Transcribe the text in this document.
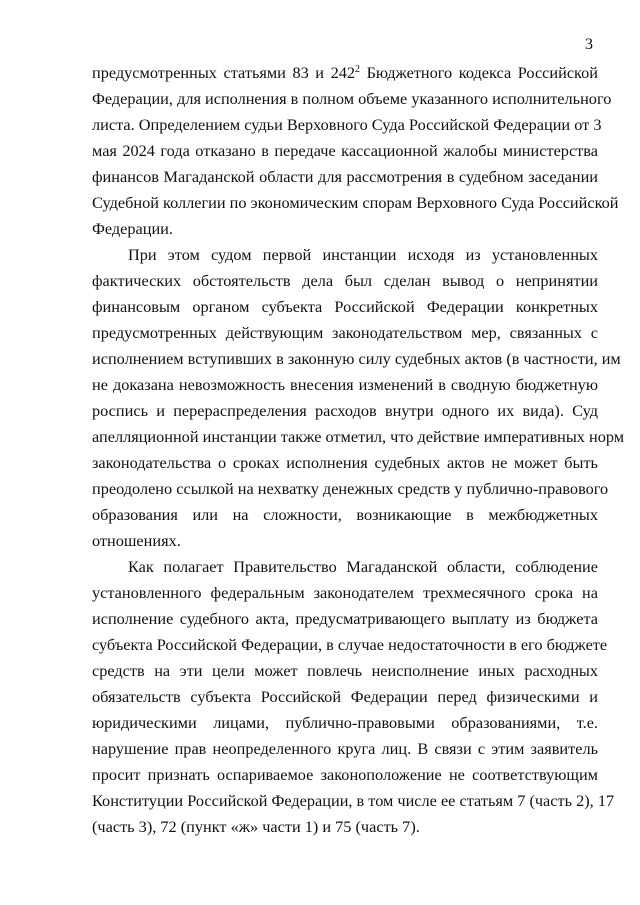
3
предусмотренных статьями 83 и $242^2$ Бюджетного кодекса Российской
Федерации, для исполнения в полном объеме указанного исполнительного
листа. Определением судьи Верховного Суда Российской Федерации от 3
мая 2024 года отказано в передаче кассационной жалобы министерства
финансов Магаданской области для рассмотрения в судебном заседании
Судебной коллегии по экономическим спорам Верховного Суда Российской
Федерации.
При этом судом первой инстанции исходя из установленных
фактических обстоятельств дела был сделан вывод о непринятии
финансовым органом субъекта Российской Федерации конкретных
предусмотренных действующим законодательством мер, связанных с
исполнением вступивших в законную силу судебных актов (в частности, им
не доказана невозможность внесения изменений в сводную бюджетную
роспись и перераспределения расходов внутри одного их вида). Суд
апелляционной инстанции также отметил, что действие императивных норм
законодательства о сроках исполнения судебных актов не может быть
преодолено ссылкой на нехватку денежных средств у публично-правового
образования или на сложности, возникающие в межбюджетных
отношениях.
Как полагает Правительство Магаданской области, соблюдение
установленного федеральным законодателем трехмесячного срока на
исполнение судебного акта, предусматривающего выплату из бюджета
субъекта Российской Федерации, в случае недостаточности в его бюджете
средств на эти цели может повлечь неисполнение иных расходных
обязательств субъекта Российской Федерации перед физическими и
юридическими лицами, публично-правовыми образованиями, т.е.
нарушение прав неопределенного круга лиц. В связи с этим заявитель
просит признать оспариваемое законоположение не соответствующим
Конституции Российской Федерации, в том числе ее статьям 7 (часть 2), 17
(часть 3), 72 (пункт «ж» части 1) и 75 (часть 7).
